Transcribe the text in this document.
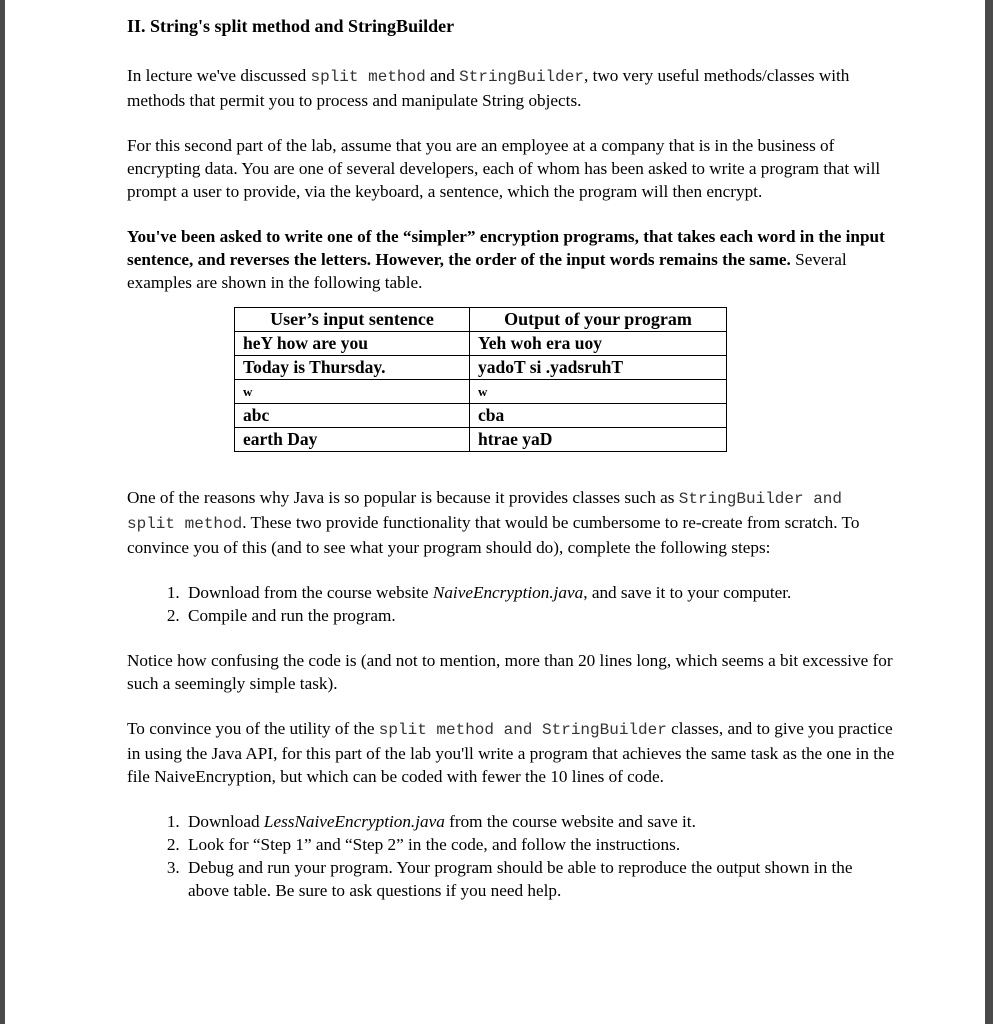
II. String's split method and StringBuilder

In lecture we've discussed split method and StringBuilder, two very useful methods/classes with methods that permit you to process and manipulate String objects.

For this second part of the lab, assume that you are an employee at a company that is in the business of encrypting data. You are one of several developers, each of whom has been asked to write a program that will prompt a user to provide, via the keyboard, a sentence, which the program will then encrypt.

You've been asked to write one of the “simpler” encryption programs, that takes each word in the input sentence, and reverses the letters. However, the order of the input words remains the same. Several examples are shown in the following table.

User’s input sentence	Output of your program
heY how are you	Yeh woh era uoy
Today is Thursday.	yadoT si .yadsruhT
w	w
abc	cba
earth Day	htrae yaD

One of the reasons why Java is so popular is because it provides classes such as StringBuilder and split method. These two provide functionality that would be cumbersome to re-create from scratch. To convince you of this (and to see what your program should do), complete the following steps:

1. Download from the course website NaiveEncryption.java, and save it to your computer.
2. Compile and run the program.

Notice how confusing the code is (and not to mention, more than 20 lines long, which seems a bit excessive for such a seemingly simple task).

To convince you of the utility of the split method and StringBuilder classes, and to give you practice in using the Java API, for this part of the lab you'll write a program that achieves the same task as the one in the file NaiveEncryption, but which can be coded with fewer the 10 lines of code.

1. Download LessNaiveEncryption.java from the course website and save it.
2. Look for “Step 1” and “Step 2” in the code, and follow the instructions.
3. Debug and run your program. Your program should be able to reproduce the output shown in the above table. Be sure to ask questions if you need help.
